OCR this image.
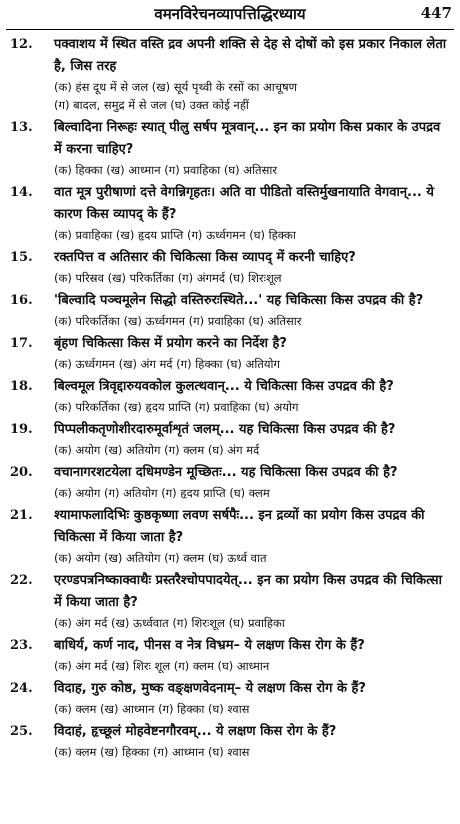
वमनविरेचनव्यापत्तिद्धिरध्याय	447
12.	पक्वाशय में स्थित वस्ति द्रव अपनी शक्ति से देह से दोषों को इस प्रकार निकाल लेता है, जिस तरह
(क) हंस दूध में से जल (ख) सूर्य पृथ्वी के रसों का आचूषण
(ग) बादल, समुद्र में से जल (घ) उक्त कोई नहीं
13.	बिल्वादिना निरूहः स्यात् पीलु सर्षप मूत्रवान्... इन का प्रयोग किस प्रकार के उपद्रव में करना चाहिए?
(क) हिक्का (ख) आध्मान (ग) प्रवाहिका (घ) अतिसार
14.	वात मूत्र पुरीषाणां दत्ते वेगन्निगृहतः। अति वा पीडितो वस्तिर्मुखनायाति वेगवान्... ये कारण किस व्यापद् के हैं?
(क) प्रवाहिका (ख) हृदय प्राप्ति (ग) ऊर्ध्वगमन (घ) हिक्का
15.	रक्तपित्त व अतिसार की चिकित्सा किस व्यापद् में करनी चाहिए?
(क) परिस्रव (ख) परिकर्तिका (ग) अंगमर्द (घ) शिरःशूल
16.	'बिल्वादि पञ्चमूलेन सिद्धो वस्तिरुरःस्थिते...' यह चिकित्सा किस उपद्रव की है?
(क) परिकर्तिका (ख) ऊर्ध्वगमन (ग) प्रवाहिका (घ) अतिसार
17.	बृंहण चिकित्सा किस में प्रयोग करने का निर्देश है?
(क) ऊर्ध्वगमन (ख) अंग मर्द (ग) हिक्का (घ) अतियोग
18.	बिल्वमूल त्रिवृद्दारुयवकोल कुलत्थवान्... ये चिकित्सा किस उपद्रव की है?
(क) परिकर्तिका (ख) हृदय प्राप्ति (ग) प्रवाहिका (घ) अयोग
19.	पिप्पलीकतृणोशीरदारुमूर्वाशृतं जलम्... यह चिकित्सा किस उपद्रव की है?
(क) अयोग (ख) अतियोग (ग) क्लम (घ) अंग मर्द
20.	वचानागरशटयेला दधिमण्डेन मूच्छितः... यह चिकित्सा किस उपद्रव की है?
(क) अयोग (ग) अतियोग (ग) हृदय प्राप्ति (घ) क्लम
21.	श्यामाफलादिभिः कुष्ठकृष्णा लवण सर्षपैः... इन द्रव्यों का प्रयोग किस उपद्रव की चिकित्सा में किया जाता है?
(क) अयोग (ख) अतियोग (ग) क्लम (घ) ऊर्ध्व वात
22.	एरण्डपत्रनिष्काक्वाथैः प्रस्तरैश्चोपपादयेत्... इन का प्रयोग किस उपद्रव की चिकित्सा में किया जाता है?
(क) अंग मर्द (ख) ऊर्ध्ववात (ग) शिरःशूल (घ) प्रवाहिका
23.	बाधिर्य, कर्ण नाद, पीनस व नेत्र विभ्रम– ये लक्षण किस रोग के हैं?
(क) अंग मर्द (ख) शिरः शूल (ग) क्लम (घ) आध्मान
24.	विदाह, गुरु कोष्ठ, मुष्क वङ्क्षणवेदनाम्– ये लक्षण किस रोग के हैं?
(क) क्लम (ख) आध्मान (ग) हिक्का (घ) श्वास
25.	विदाहं, हृच्छूलं मोहवेष्टनगौरवम्... ये लक्षण किस रोग के हैं?
(क) क्लम (ख) हिक्का (ग) आध्मान (घ) श्वास
